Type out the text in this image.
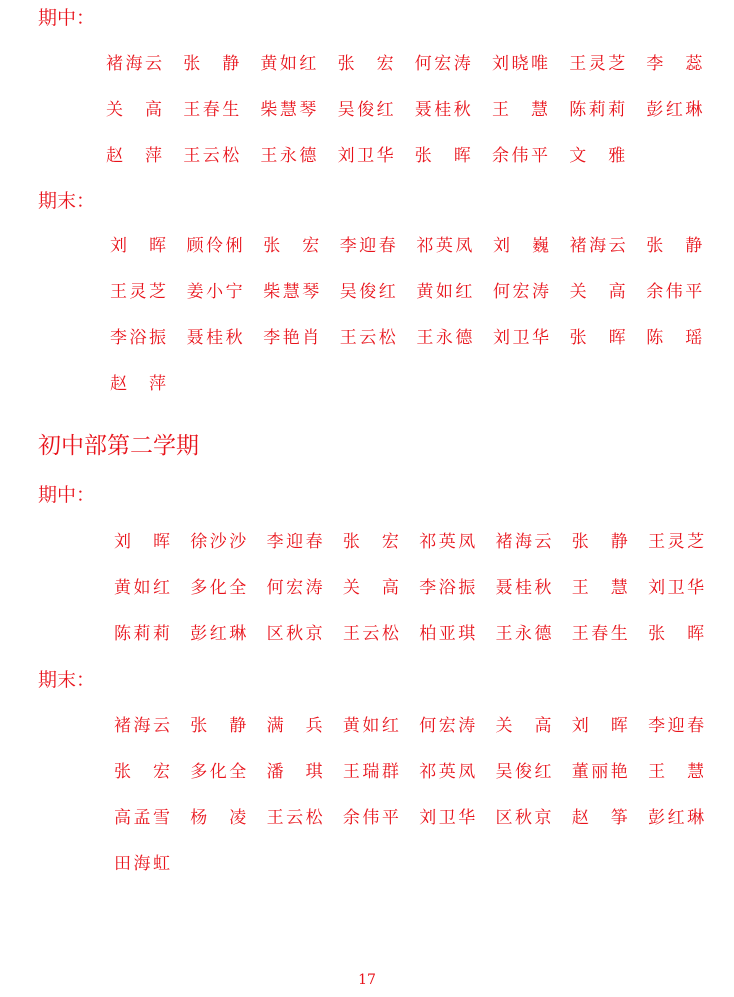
期中：
褚 海 云 张 静 黄 如 红 张 宏 何 宏 涛 刘 晓 唯 王 灵 芝 李 蕊
关 高 王 春 生 柴 慧 琴 吴 俊 红 聂 桂 秋 王 慧 陈 莉 莉 彭 红 琳
赵 萍 王 云 松 王 永 德 刘 卫 华 张 晖 余 伟 平 文 雅
期末：
刘 晖 顾 伶 俐 张 宏 李 迎 春 祁 英 凤 刘 巍 褚 海 云 张 静
王 灵 芝 姜 小 宁 柴 慧 琴 吴 俊 红 黄 如 红 何 宏 涛 关 高 余 伟 平
李 浴 振 聂 桂 秋 李 艳 肖 王 云 松 王 永 德 刘 卫 华 张 晖 陈 瑶
赵 萍
期中：
刘 晖 徐 沙 沙 李 迎 春 张 宏 祁 英 凤 褚 海 云 张 静 王 灵 芝
黄 如 红 多 化 全 何 宏 涛 关 高 李 浴 振 聂 桂 秋 王 慧 刘 卫 华
陈 莉 莉 彭 红 琳 区 秋 京 王 云 松 柏 亚 琪 王 永 德 王 春 生 张 晖
期末：
褚 海 云 张 静 满 兵 黄 如 红 何 宏 涛 关 高 刘 晖 李 迎 春
张 宏 多 化 全 潘 琪 王 瑞 群 祁 英 凤 吴 俊 红 董 丽 艳 王 慧
高 孟 雪 杨 凌 王 云 松 余 伟 平 刘 卫 华 区 秋 京 赵 筝 彭 红 琳
田 海 虹
初中部第二学期
17
